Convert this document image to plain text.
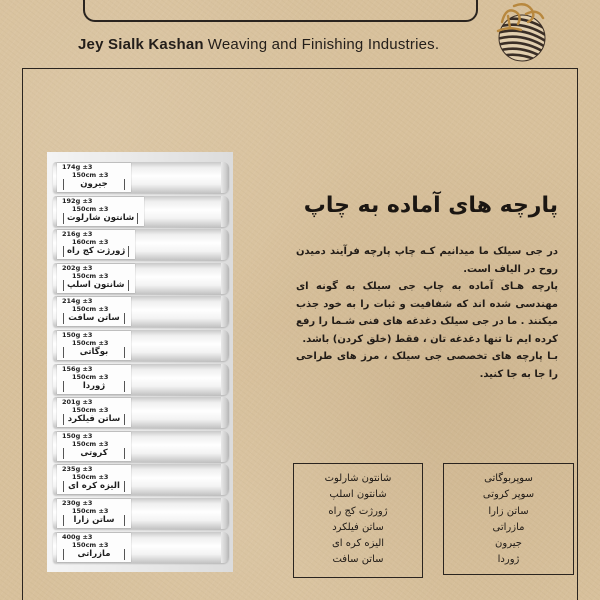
Jey Sialk Kashan Weaving and Finishing Industries.
174g ±3
150cm ±3
جیرون
192g ±3
150cm ±3
شانتون شارلوت
216g ±3
160cm ±3
ژورژت کج راه
202g ±3
150cm ±3
شانتون اسلپ
214g ±3
150cm ±3
ساتن سافت
150g ±3
150cm ±3
بوگاتی
156g ±3
150cm ±3
ژوردا
201g ±3
150cm ±3
ساتن فیلکرد
150g ±3
150cm ±3
کروتی
235g ±3
150cm ±3
الیزه کره ای
230g ±3
150cm ±3
ساتن زارا
400g ±3
150cm ±3
مازراتی
پارچه های آماده به چاپ

در جی سیلک ما میدانیم کـه چاپ پارچه فرآیند دمیدن روح در الیاف است.

پارچه هـای آماده به چاپ جی سیلک به گونه ای مهندسی شده اند که شفافیت و ثبات را به خود جذب میکنند . ما در جی سیلک دغدغه های فنی شـما را رفع کرده ایم تا تنها دغدغه تان ، فقط (خلق کردن) باشد.

بـا پارچه های تخصصی جی سیلک ، مرز های طراحی را جا به جا کنید.

شانتون شارلوت
شانتون اسلپ
ژورژت کج راه
ساتن فیلکرد
الیزه کره ای
ساتن سافت
سوپربوگاتی
سوپر کروتی
ساتن زارا
مازراتی
جیرون
ژوردا
